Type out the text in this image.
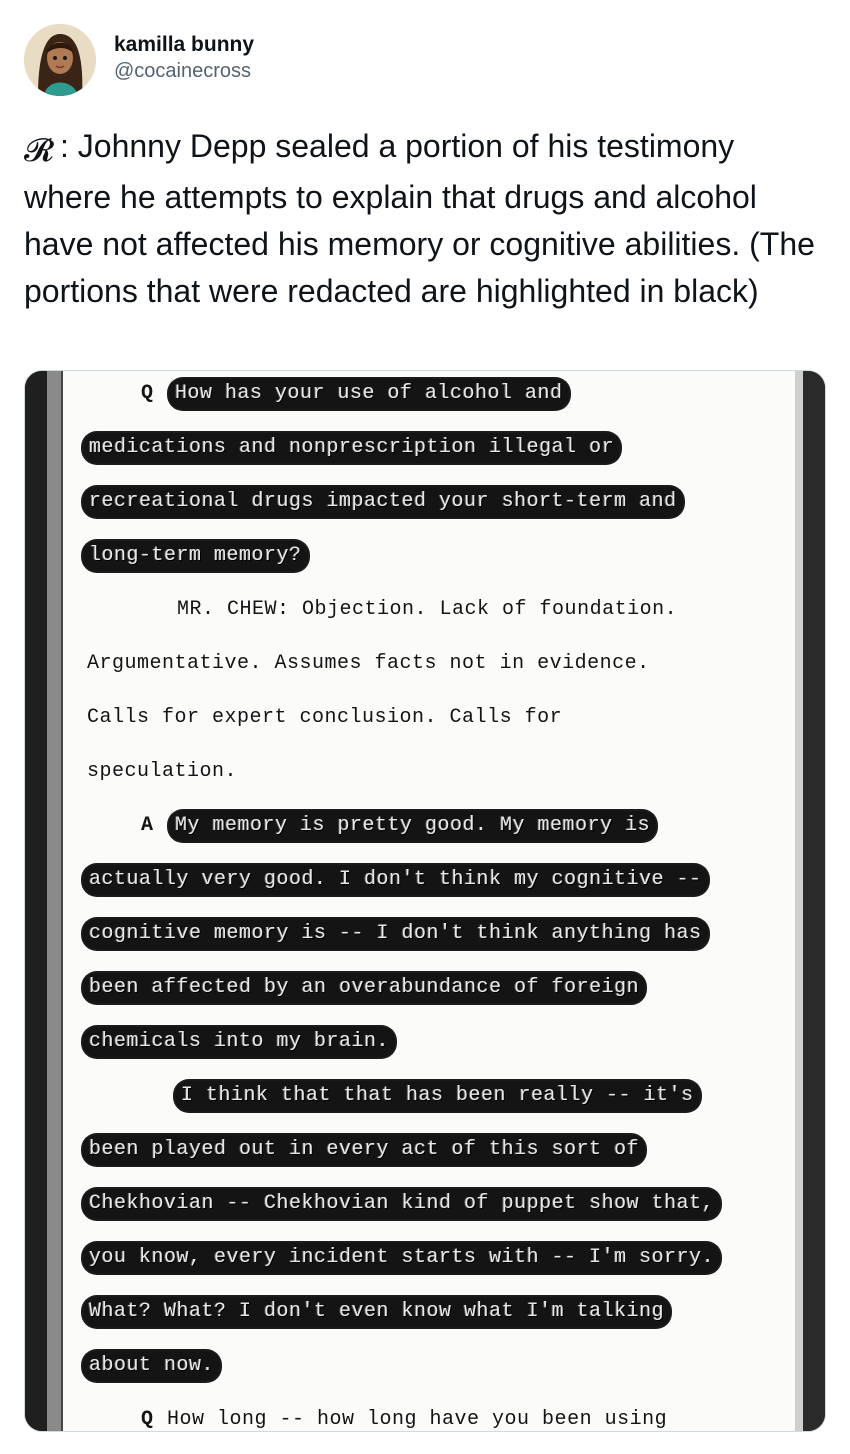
kamilla bunny
@cocainecross
𝓡 : Johnny Depp sealed a portion of his testimony where he attempts to explain that drugs and alcohol have not affected his memory or cognitive abilities. (The portions that were redacted are highlighted in black)
Q How has your use of alcohol and
medications and nonprescription illegal or
recreational drugs impacted your short-term and
long-term memory?
MR. CHEW: Objection. Lack of foundation.
Argumentative. Assumes facts not in evidence.
Calls for expert conclusion. Calls for
speculation.
A My memory is pretty good. My memory is
actually very good. I don't think my cognitive --
cognitive memory is -- I don't think anything has
been affected by an overabundance of foreign
chemicals into my brain.
I think that that has been really -- it's
been played out in every act of this sort of
Chekhovian -- Chekhovian kind of puppet show that,
you know, every incident starts with -- I'm sorry.
What? What? I don't even know what I'm talking
about now.
Q How long -- how long have you been using
